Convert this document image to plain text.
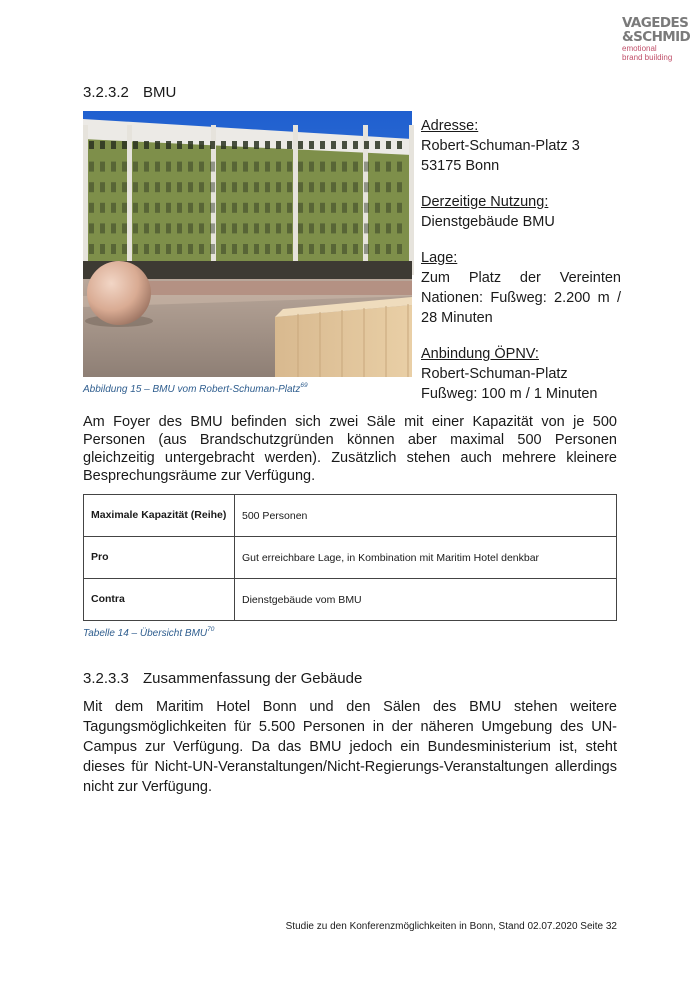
VAGEDES
&SCHMID
emotional
brand building
3.2.3.2 BMU
Abbildung 15 – BMU vom Robert-Schuman-Platz$^{69}$
Adresse:
Robert-Schuman-Platz 3
53175 Bonn
Derzeitige Nutzung:
Dienstgebäude BMU
Lage:
Zum Platz der Vereinten Nationen: Fußweg: 2.200 m / 28 Minuten
Anbindung ÖPNV:
Robert-Schuman-Platz
Fußweg: 100 m / 1 Minuten

Am Foyer des BMU befinden sich zwei Säle mit einer Kapazität von je 500 Personen (aus Brandschutzgründen können aber maximal 500 Personen gleichzeitig untergebracht werden). Zusätzlich stehen auch mehrere kleinere Besprechungsräume zur Verfügung.

Maximale Kapazität (Reihe)	500 Personen
Pro	Gut erreichbare Lage, in Kombination mit Maritim Hotel denkbar
Contra	Dienstgebäude vom BMU
Tabelle 14 – Übersicht BMU$^{70}$
3.2.3.3 Zusammenfassung der Gebäude

Mit dem Maritim Hotel Bonn und den Sälen des BMU stehen weitere Tagungsmöglichkeiten für 5.500 Personen in der näheren Umgebung des UN-Campus zur Verfügung. Da das BMU jedoch ein Bundesministerium ist, steht dieses für Nicht-UN-Veranstaltungen/Nicht-Regierungs-Veranstaltungen allerdings nicht zur Verfügung.

Studie zu den Konferenzmöglichkeiten in Bonn, Stand 02.07.2020 Seite 32
